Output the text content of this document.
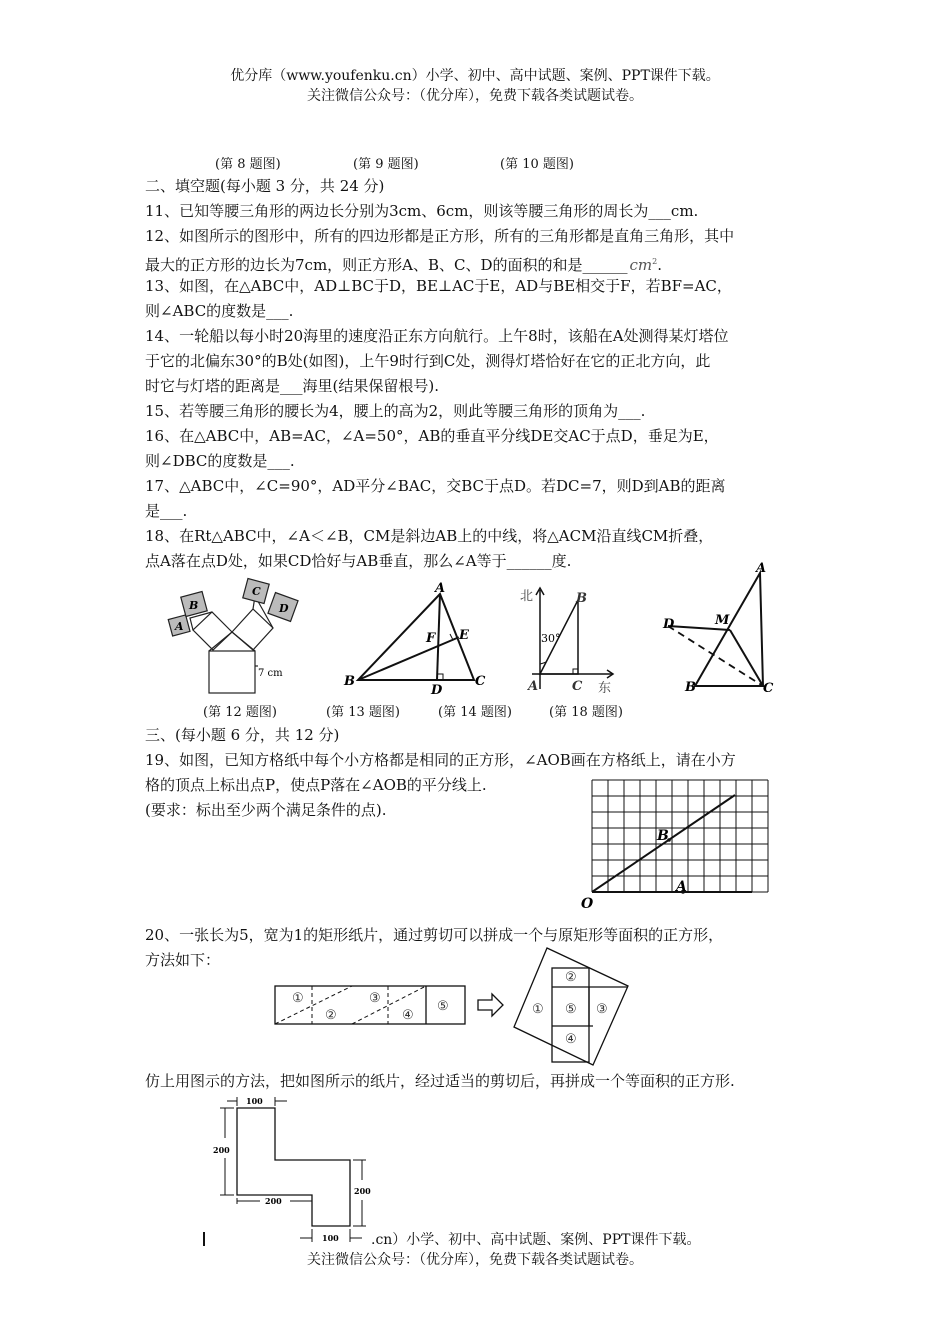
优分库（www.youfenku.cn）小学、初中、高中试题、案例、PPT课件下载。
关注微信公众号：（优分库），免费下载各类试题试卷。
(第 8 题图)	(第 9 题图)	(第 10 题图)
二、填空题(每小题 3 分，共 24 分)
11、已知等腰三角形的两边长分别为3cm、6cm，则该等腰三角形的周长为___cm.
12、如图所示的图形中，所有的四边形都是正方形，所有的三角形都是直角三角形，其中
最大的正方形的边长为7cm，则正方形A、B、C、D的面积的和是______ $cm^2$.
13、如图，在△ABC中，AD⊥BC于D，BE⊥AC于E，AD与BE相交于F，若BF=AC，
则∠ABC的度数是___.
14、一轮船以每小时20海里的速度沿正东方向航行。上午8时，该船在A处测得某灯塔位
于它的北偏东30°的B处(如图)，上午9时行到C处，测得灯塔恰好在它的正北方向，此
时它与灯塔的距离是___海里(结果保留根号).
15、若等腰三角形的腰长为4，腰上的高为2，则此等腰三角形的顶角为___.
16、在△ABC中，AB=AC，∠A=50°，AB的垂直平分线DE交AC于点D，垂足为E，
则∠DBC的度数是___.
17、△ABC中，∠C=90°，AD平分∠BAC，交BC于点D。若DC=7，则D到AB的距离
是___.
18、在Rt△ABC中，∠A＜∠B，CM是斜边AB上的中线，将△ACM沿直线CM折叠，
点A落在点D处，如果CD恰好与AB垂直，那么∠A等于______度.
A
B
C
D
7 cm
A
B	C
D
E
F
北
东
30°
A
B
C
A
B	C
D	M
(第 12 题图)	(第 13 题图)	(第 14 题图)	(第 18 题图)
三、(每小题 6 分，共 12 分)
19、如图，已知方格纸中每个小方格都是相同的正方形，∠AOB画在方格纸上，请在小方
格的顶点上标出点P，使点P落在∠AOB的平分线上.
(要求：标出至少两个满足条件的点).
O
A
B
20、一张长为5，宽为1的矩形纸片，通过剪切可以拼成一个与原矩形等面积的正方形，
方法如下：
①
②
③
④
⑤	①
②
③
④
⑤
仿上用图示的方法，把如图所示的纸片，经过适当的剪切后，再拼成一个等面积的正方形.
100
200
200
200
100	.cn）小学、初中、高中试题、案例、PPT课件下载。
关注微信公众号：（优分库），免费下载各类试题试卷。
